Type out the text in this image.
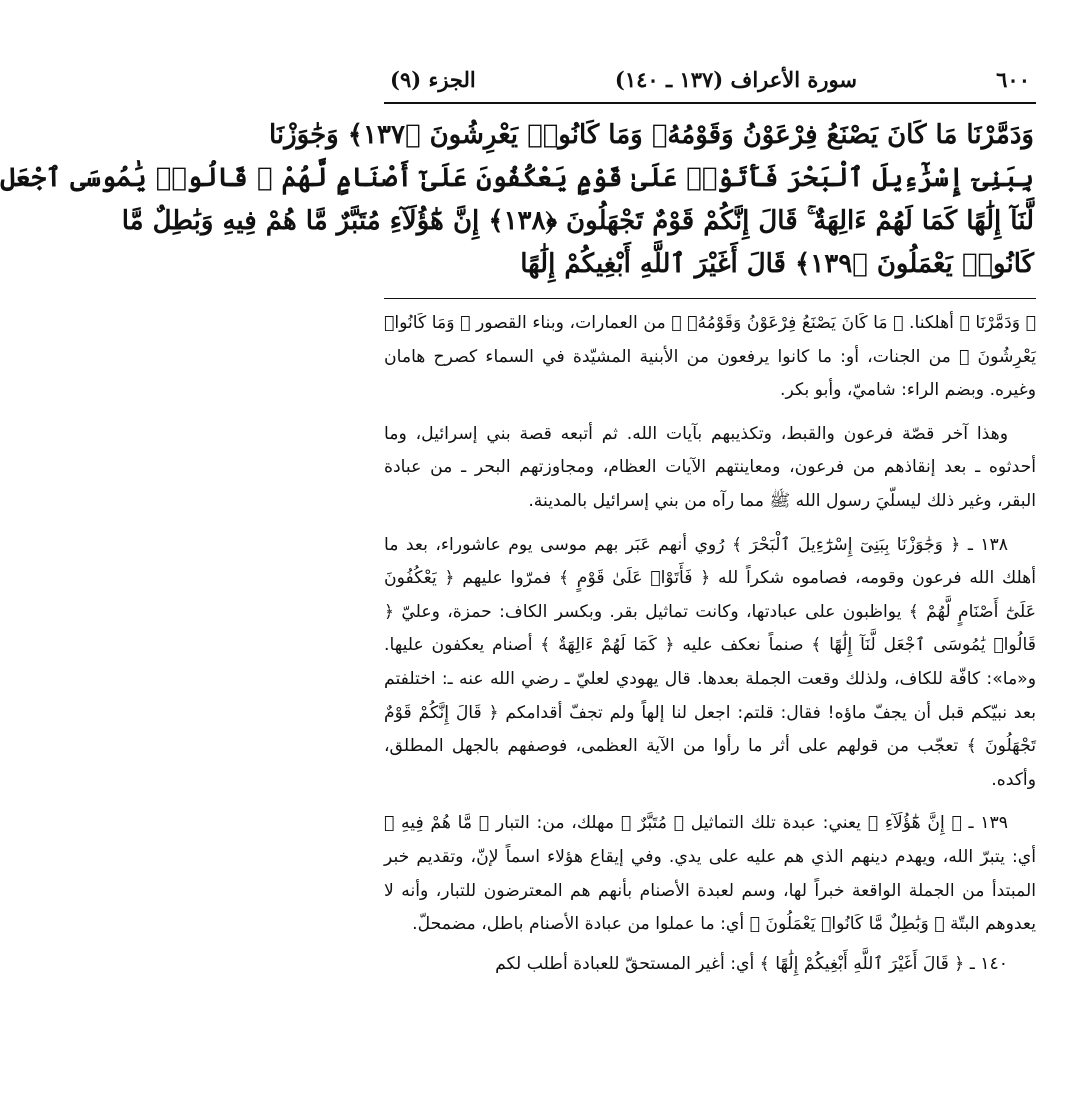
٦٠٠
سورة الأعراف (١٣٧ ـ ١٤٠)
الجزء (٩)
وَدَمَّرْنَا مَا كَانَ يَصْنَعُ فِرْعَوْنُ وَقَوْمُهُۥ وَمَا كَانُوا۟ يَعْرِشُونَ ﴿١٣٧﴾ وَجَٰوَزْنَا
بِبَنِىٓ إِسْرَٰٓءِيلَ ٱلْبَحْرَ فَأَتَوْا۟ عَلَىٰ قَوْمٍ يَعْكُفُونَ عَلَىٰٓ أَصْنَامٍ لَّهُمْ ۚ قَالُوا۟ يَٰمُوسَى ٱجْعَل
لَّنَآ إِلَٰهًا كَمَا لَهُمْ ءَالِهَةٌ ۚ قَالَ إِنَّكُمْ قَوْمٌ تَجْهَلُونَ ﴿١٣٨﴾ إِنَّ هَٰٓؤُلَآءِ مُتَبَّرٌ مَّا هُمْ فِيهِ وَبَٰطِلٌ مَّا
كَانُوا۟ يَعْمَلُونَ ﴿١٣٩﴾ قَالَ أَغَيْرَ ٱللَّهِ أَبْغِيكُمْ إِلَٰهًا

﴿ وَدَمَّرْنَا ﴾ أهلكنا. ﴿ مَا كَانَ يَصْنَعُ فِرْعَوْنُ وَقَوْمُهُۥ ﴾ من العمارات، وبناء القصور ﴿ وَمَا كَانُوا۟ يَعْرِشُونَ ﴾ من الجنات، أو: ما كانوا يرفعون من الأبنية المشيّدة في السماء كصرح هامان وغيره. وبضم الراء: شاميّ، وأبو بكر.

وهذا آخر قصّة فرعون والقبط، وتكذيبهم بآيات الله. ثم أتبعه قصة بني إسرائيل، وما أحدثوه ـ بعد إنقاذهم من فرعون، ومعاينتهم الآيات العظام، ومجاوزتهم البحر ـ من عبادة البقر، وغير ذلك ليسلّيَ رسول الله ﷺ مما رآه من بني إسرائيل بالمدينة.

١٣٨ ـ ﴿ وَجَٰوَزْنَا بِبَنِىٓ إِسْرَٰٓءِيلَ ٱلْبَحْرَ ﴾ رُوي أنهم عَبَر بهم موسى يوم عاشوراء، بعد ما أهلك الله فرعون وقومه، فصاموه شكراً لله ﴿ فَأَتَوْا۟ عَلَىٰ قَوْمٍ ﴾ فمرّوا عليهم ﴿ يَعْكُفُونَ عَلَىٰٓ أَصْنَامٍ لَّهُمْ ﴾ يواظبون على عبادتها، وكانت تماثيل بقر. وبكسر الكاف: حمزة، وعليّ ﴿ قَالُوا۟ يَٰمُوسَى ٱجْعَل لَّنَآ إِلَٰهًا ﴾ صنماً نعكف عليه ﴿ كَمَا لَهُمْ ءَالِهَةٌ ﴾ أصنام يعكفون عليها. و«ما»: كافّة للكاف، ولذلك وقعت الجملة بعدها. قال يهودي لعليّ ـ رضي الله عنه ـ: اختلفتم بعد نبيّكم قبل أن يجفّ ماؤه! فقال: قلتم: اجعل لنا إلهاً ولم تجفّ أقدامكم ﴿ قَالَ إِنَّكُمْ قَوْمٌ تَجْهَلُونَ ﴾ تعجّب من قولهم على أثر ما رأوا من الآية العظمى، فوصفهم بالجهل المطلق، وأكده.

١٣٩ ـ ﴿ إِنَّ هَٰٓؤُلَآءِ ﴾ يعني: عبدة تلك التماثيل ﴿ مُتَبَّرٌ ﴾ مهلك، من: التبار ﴿ مَّا هُمْ فِيهِ ﴾ أي: يتبرّ الله، ويهدم دينهم الذي هم عليه على يدي. وفي إيقاع هؤلاء اسماً لإنّ، وتقديم خبر المبتدأ من الجملة الواقعة خبراً لها، وسم لعبدة الأصنام بأنهم هم المعترضون للتبار، وأنه لا يعدوهم البتّة ﴿ وَبَٰطِلٌ مَّا كَانُوا۟ يَعْمَلُونَ ﴾ أي: ما عملوا من عبادة الأصنام باطل، مضمحلّ.

١٤٠ ـ ﴿ قَالَ أَغَيْرَ ٱللَّهِ أَبْغِيكُمْ إِلَٰهًا ﴾ أي: أغير المستحقّ للعبادة أطلب لكم
